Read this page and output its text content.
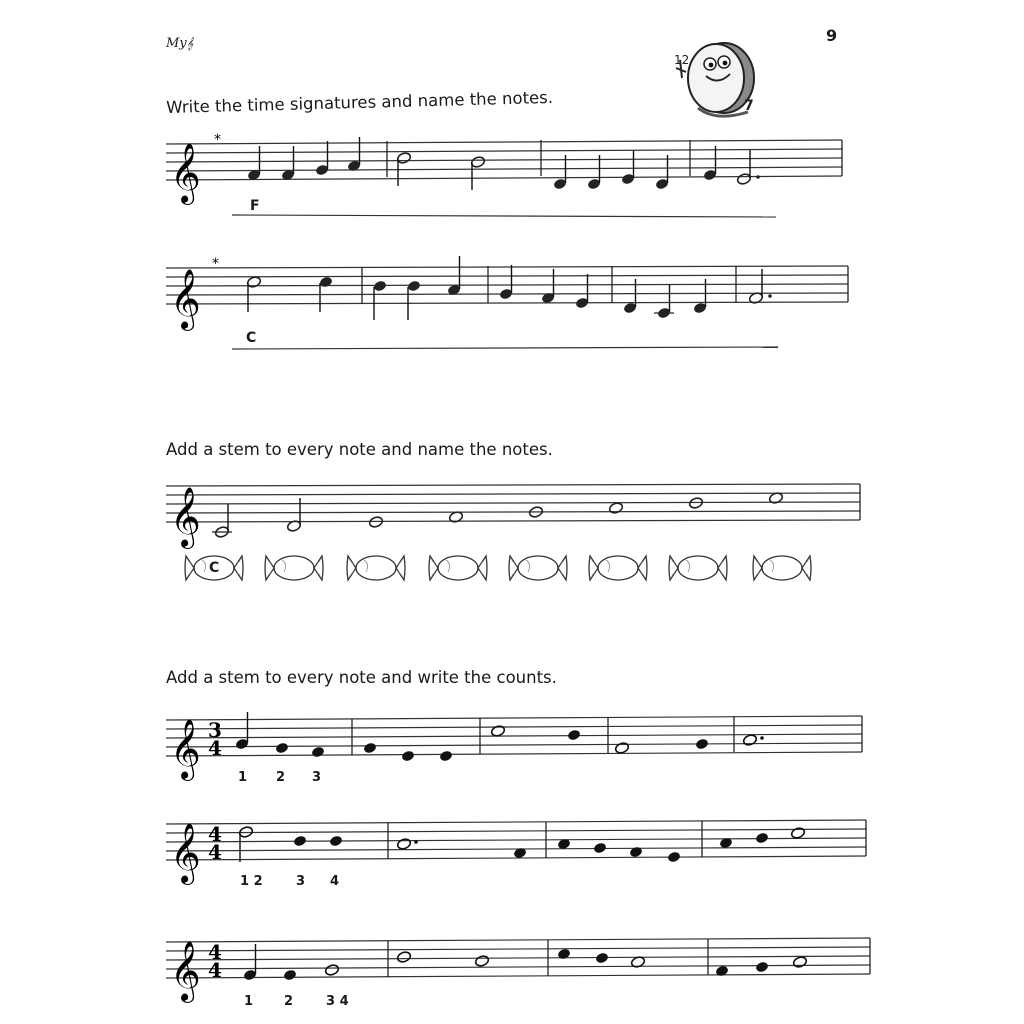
My𝄞	9
12
7
Write the time signatures and name the notes.
𝄞
*
F
𝄞
*
C
Add a stem to every note and name the notes.
𝄞
C
Add a stem to every note and write the counts.
𝄞 3
4
1 2 3
𝄞 4
4
1 2	3 4
𝄞 4
4
1 2	3 4
